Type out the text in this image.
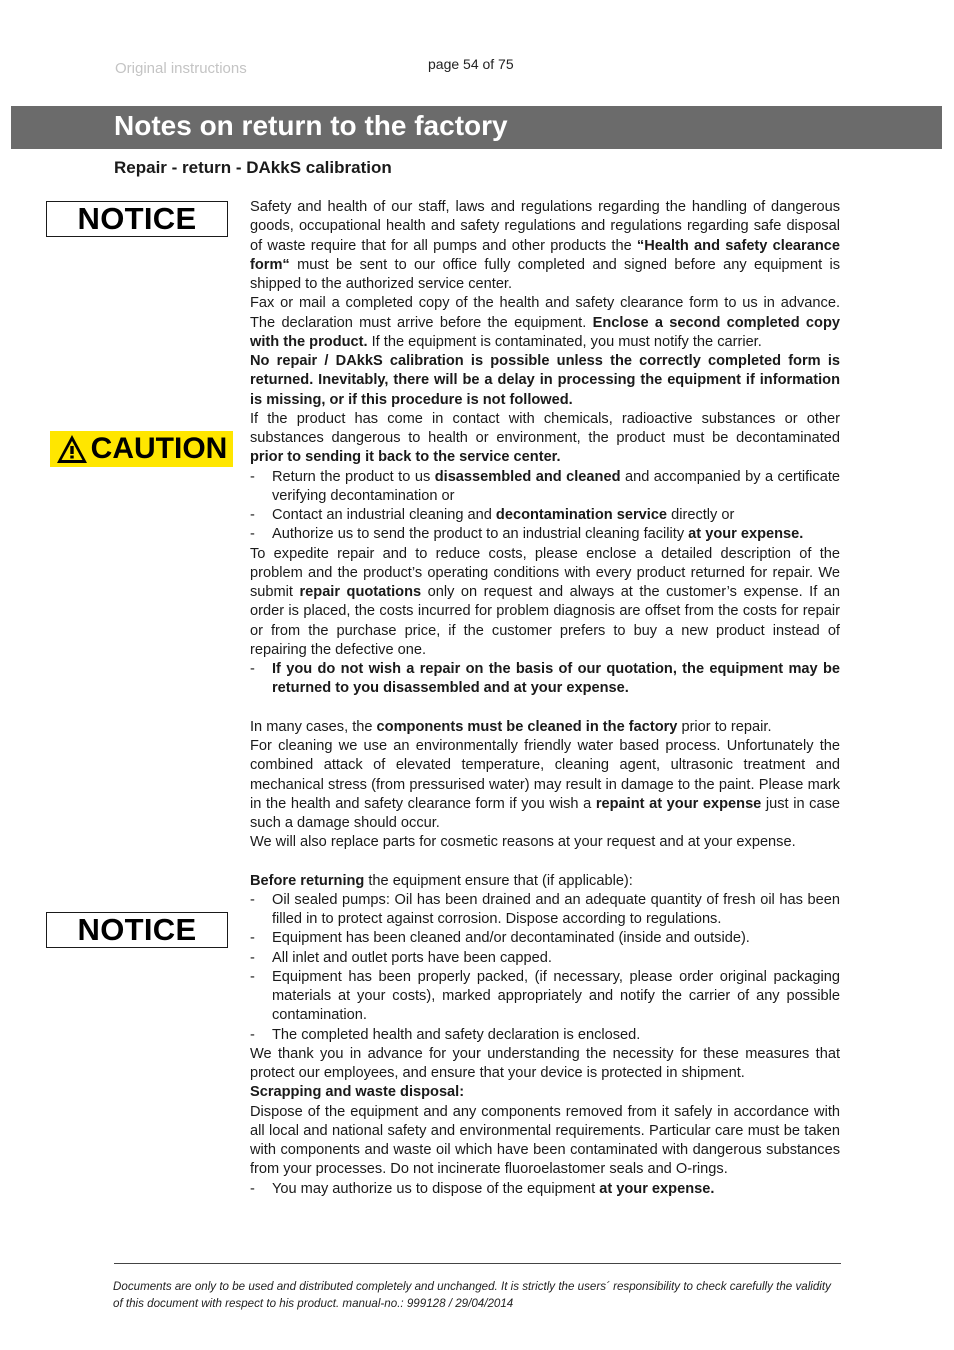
Original instructions	page 54 of 75
Notes on return to the factory
Repair - return - DAkkS calibration
NOTICE
CAUTION
NOTICE

Safety and health of our staff, laws and regulations regarding the handling of dangerous goods, occupational health and safety regulations and regulations regarding safe disposal of waste require that for all pumps and other products the “Health and safety clearance form“ must be sent to our office fully completed and signed before any equipment is shipped to the authorized service center.

Fax or mail a completed copy of the health and safety clearance form to us in advance. The declaration must arrive before the equipment. Enclose a second completed copy with the product. If the equipment is contaminated, you must notify the carrier.

No repair / DAkkS calibration is possible unless the correctly completed form is returned. Inevitably, there will be a delay in processing the equipment if information is missing, or if this procedure is not followed.

If the product has come in contact with chemicals, radioactive substances or other substances dangerous to health or environment, the product must be decontaminated prior to sending it back to the service center.

- Return the product to us disassembled and cleaned and accompanied by a certificate verifying decontamination or
- Contact an industrial cleaning and decontamination service directly or
- Authorize us to send the product to an industrial cleaning facility at your expense.

To expedite repair and to reduce costs, please enclose a detailed description of the problem and the product’s operating conditions with every product returned for repair. We submit repair quotations only on request and always at the customer’s expense. If an order is placed, the costs incurred for problem diagnosis are offset from the costs for repair or from the purchase price, if the customer prefers to buy a new product instead of repairing the defective one.

- If you do not wish a repair on the basis of our quotation, the equipment may be returned to you disassembled and at your expense.

In many cases, the components must be cleaned in the factory prior to repair.

For cleaning we use an environmentally friendly water based process. Unfortunately the combined attack of elevated temperature, cleaning agent, ultrasonic treatment and mechanical stress (from pressurised water) may result in damage to the paint. Please mark in the health and safety clearance form if you wish a repaint at your expense just in case such a damage should occur.

We will also replace parts for cosmetic reasons at your request and at your expense.

Before returning the equipment ensure that (if applicable):

- Oil sealed pumps: Oil has been drained and an adequate quantity of fresh oil has been filled in to protect against corrosion. Dispose according to regulations.
- Equipment has been cleaned and/or decontaminated (inside and outside).
- All inlet and outlet ports have been capped.
- Equipment has been properly packed, (if necessary, please order original packaging materials at your costs), marked appropriately and notify the carrier of any possible contamination.
- The completed health and safety declaration is enclosed.

We thank you in advance for your understanding the necessity for these measures that protect our employees, and ensure that your device is protected in shipment.

Scrapping and waste disposal:

Dispose of the equipment and any components removed from it safely in accordance with all local and national safety and environmental requirements. Particular care must be taken with components and waste oil which have been contaminated with dangerous substances from your processes. Do not incinerate fluoroelastomer seals and O-rings.

- You may authorize us to dispose of the equipment at your expense.
Documents are only to be used and distributed completely and unchanged. It is strictly the users´ responsibility to check carefully the validity of this document with respect to his product. manual-no.: 999128 / 29/04/2014
